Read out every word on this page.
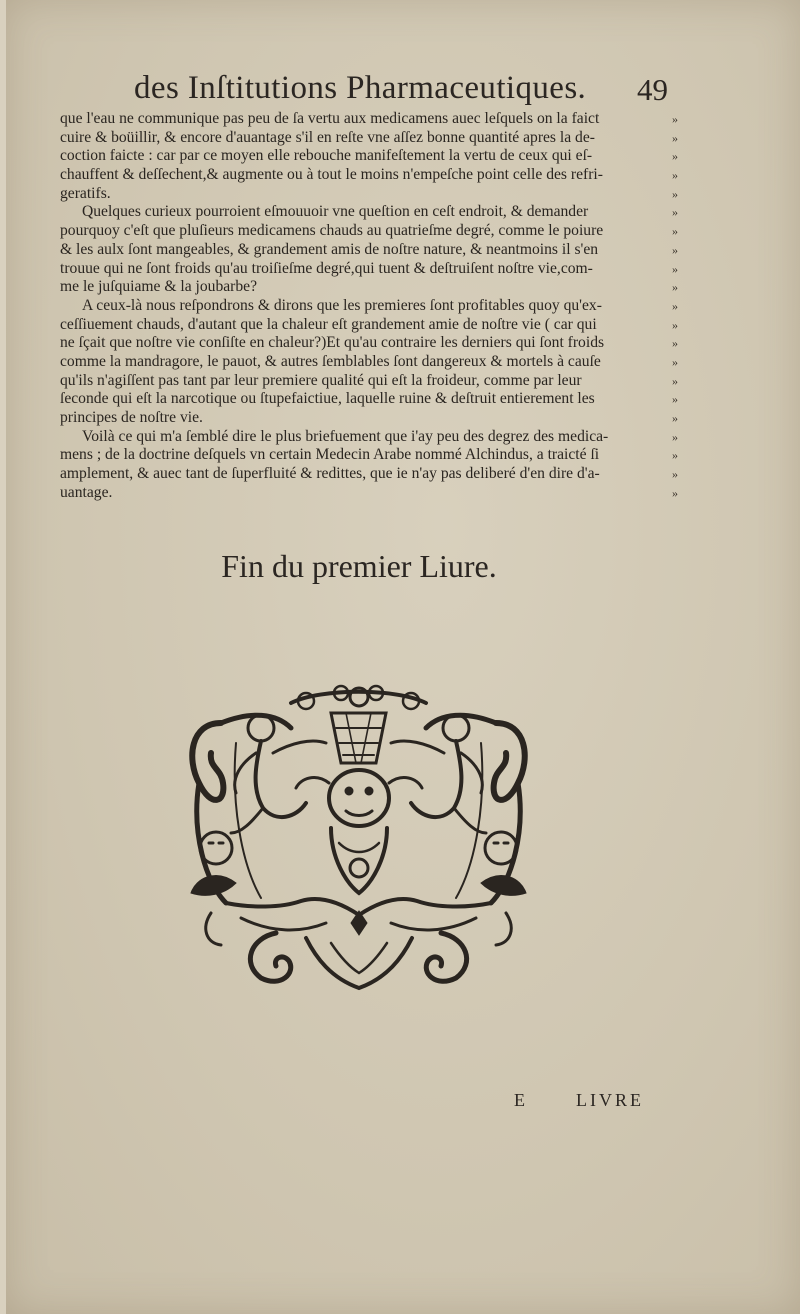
des Inſtitutions Pharmaceutiques. 49
que l'eau ne communique pas peu de ſa vertu aux medicamens auec leſquels on la faict	»
cuire & boüillir, & encore d'auantage s'il en reſte vne aſſez bonne quantité apres la de-	»
coction faicte : car par ce moyen elle rebouche manifeſtement la vertu de ceux qui eſ-	»
chauffent & deſſechent,& augmente ou à tout le moins n'empeſche point celle des refri-	»
geratifs.	»
Quelques curieux pourroient eſmouuoir vne queſtion en ceſt endroit, & demander	»
pourquoy c'eſt que pluſieurs medicamens chauds au quatrieſme degré, comme le poiure	»
& les aulx ſont mangeables, & grandement amis de noſtre nature, & neantmoins il s'en	»
trouue qui ne ſont froids qu'au troiſieſme degré,qui tuent & deſtruiſent noſtre vie,com-	»
me le juſquiame & la joubarbe?	»
A ceux-là nous reſpondrons & dirons que les premieres ſont profitables quoy qu'ex-	»
ceſſiuement chauds, d'autant que la chaleur eſt grandement amie de noſtre vie ( car qui	»
ne ſçait que noſtre vie conſiſte en chaleur?)Et qu'au contraire les derniers qui ſont froids	»
comme la mandragore, le pauot, & autres ſemblables ſont dangereux & mortels à cauſe	»
qu'ils n'agiſſent pas tant par leur premiere qualité qui eſt la froideur, comme par leur	»
ſeconde qui eſt la narcotique ou ſtupefaictiue, laquelle ruine & deſtruit entierement les	»
principes de noſtre vie.	»
Voilà ce qui m'a ſemblé dire le plus briefuement que i'ay peu des degrez des medica-	»
mens ; de la doctrine deſquels vn certain Medecin Arabe nommé Alchindus, a traicté ſi	»
amplement, & auec tant de ſuperfluité & redittes, que ie n'ay pas deliberé d'en dire d'a-	»
uantage.	»
Fin du premier Liure.
E	LIVRE
